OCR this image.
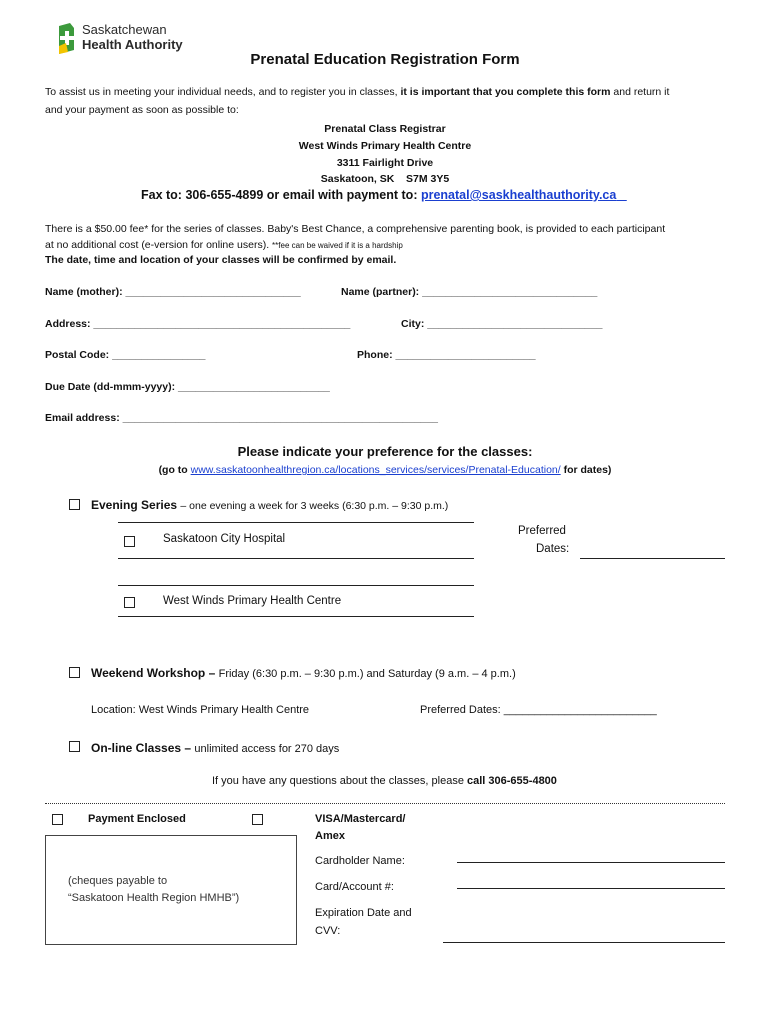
Saskatchewan
Health Authority
Prenatal Education Registration Form
To assist us in meeting your individual needs, and to register you in classes, it is important that you complete this form and return it
and your payment as soon as possible to:
Prenatal Class Registrar
West Winds Primary Health Centre
3311 Fairlight Drive
Saskatoon, SK    S7M 3Y5
Fax to: 306-655-4899 or email with payment to: prenatal@saskhealthauthority.ca
There is a $50.00 fee* for the series of classes. Baby's Best Chance, a comprehensive parenting book, is provided to each participant
at no additional cost (e-version for online users). **fee can be waived if it is a hardship
The date, time and location of your classes will be confirmed by email.
Name (mother): ______________________________	Name (partner): ______________________________
Address: ____________________________________________	City: ______________________________
Postal Code: ________________	Phone: ________________________
Due Date (dd-mmm-yyyy): __________________________
Email address: ______________________________________________________
Please indicate your preference for the classes:
(go to www.saskatoonhealthregion.ca/locations_services/services/Prenatal-Education/ for dates)
Evening Series – one evening a week for 3 weeks (6:30 p.m. – 9:30 p.m.)
Saskatoon City Hospital
Preferred
Dates:
West Winds Primary Health Centre
Weekend Workshop – Friday (6:30 p.m. – 9:30 p.m.) and Saturday (9 a.m. – 4 p.m.)
Location: West Winds Primary Health Centre	Preferred Dates: _________________________
On-line Classes – unlimited access for 270 days
If you have any questions about the classes, please call 306-655-4800
Payment Enclosed	VISA/Mastercard/
Amex
(cheques payable to
“Saskatoon Health Region HMHB”)
Cardholder Name:
Card/Account #:
Expiration Date and
CVV:
